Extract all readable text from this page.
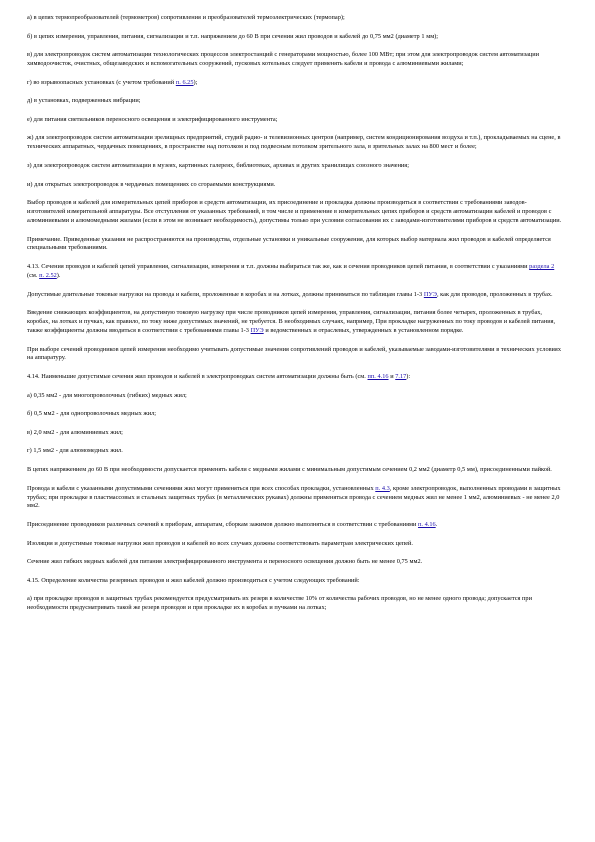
а) в цепях термопреобразователей (термометров) сопротивления и преобразователей термоэлектрических (термопар);

б) в цепях измерения, управления, питания, сигнализации и т.п. напряжением до 60 В при сечении жил проводов и кабелей до 0,75 мм2 (диаметр 1 мм);

в) для электропроводок систем автоматизации технологических процессов электростанций с генераторами мощностью, более 100 МВт; при этом для электропроводок систем автоматизации химводоочисток, очистных, общезаводских и вспомогательных сооружений, пусковых котельных следует применять кабели и провода с алюминиевыми жилами;

г) во взрывоопасных установках (с учетом требований п. 6.25);

д) в установках, подверженных вибрации;

е) для питания светильников переносного освещения и электрифицированного инструмента;

ж) для электропроводок систем автоматизации зрелищных предприятий, студий радио- и телевизионных центров (например, систем кондиционирования воздуха и т.п.), прокладываемых на сцене, в технических аппаратных, чердачных помещениях, в пространстве над потолком и под подвесным потолком зрительного зала, в зрительных залах на 800 мест и более;

з) для электропроводок систем автоматизации в музеях, картинных галереях, библиотеках, архивах и других хранилищах союзного значения;

и) для открытых электропроводок в чердачных помещениях со сгораемыми конструкциями.

Выбор проводов и кабелей для измерительных цепей приборов и средств автоматизации, их присоединение и прокладка должны производиться в соответствии с требованиями заводов-изготовителей измерительной аппаратуры. Все отступления от указанных требований, в том числе и применение в измерительных цепях приборов и средств автоматизации кабелей и проводов с алюминиевыми и алюмомедными жилами (если в этом не возникает необходимость), допустимы только при условии согласования их с заводами-изготовителями приборов и средств автоматизации.

Примечание. Приведенные указания не распространяются на производства, отдельные установки и уникальные сооружения, для которых выбор материала жил проводов и кабелей определяется специальными требованиями.

4.13. Сечения проводов и кабелей цепей управления, сигнализации, измерения и т.п. должны выбираться так же, как и сечения проводников цепей питания, в соответствии с указаниями раздела 2 (см. п. 2.52).

Допустимые длительные токовые нагрузки на провода и кабели, проложенные в коробах и на лотках, должны приниматься по таблицам главы 1-3 ПУЭ, как для проводов, проложенных в трубах.

Введение снижающих коэффициентов, на допустимую токовую нагрузку при числе проводников цепей измерения, управления, сигнализации, питания более четырех, проложенных в трубах, коробах, на лотках и пучках, как правило, по току ниже допустимых значений, не требуется. В необходимых случаях, например, При прокладке нагруженных по току проводов и кабелей питания, также коэффициенты должны вводиться в соответствии с требованиями главы 1-3 ПУЭ и ведомственных и отраслевых, утвержденных в установленном порядке.

При выборе сечений проводников цепей измерения необходимо учитывать допустимые значения сопротивлений проводов и кабелей, указываемые заводами-изготовителями в технических условиях на аппаратуру.

4.14. Наименьшие допустимые сечения жил проводов и кабелей в электропроводках систем автоматизации должны быть (см. пп. 4.16 и 7.17):

а) 0,35 мм2 - для многопроволочных (гибких) медных жил;

б) 0,5 мм2 - для однопроволочных медных жил;

в) 2,0 мм2 - для алюминиевых жил;

г) 1,5 мм2 - для алюмомедных жил.

В цепях напряжением до 60 В при необходимости допускается применять кабели с медными жилами с минимальным допустимым сечением 0,2 мм2 (диаметр 0,5 мм), присоединенными пайкой.

Провода и кабели с указанными допустимыми сечениями жил могут применяться при всех способах прокладки, установленных п. 4.3, кроме электропроводок, выполненных проводами в защитных трубах; при прокладке в пластмассовых и стальных защитных трубах (в металлических рукавах) должны применяться провода с сечением медных жил не менее 1 мм2, алюминиевых - не менее 2,0 мм2.

Присоединение проводников различных сечений к приборам, аппаратам, сборкам зажимов должно выполняться в соответствии с требованиями п. 4.16.

Изоляция и допустимые токовые нагрузки жил проводов и кабелей во всех случаях должны соответствовать параметрам электрических цепей.

Сечение жил гибких медных кабелей для питания электрифицированного инструмента и переносного освещения должно быть не менее 0,75 мм2.

4.15. Определение количества резервных проводов и жил кабелей должно производиться с учетом следующих требований:

а) при прокладке проводов в защитных трубах рекомендуется предусматривать их резерв в количестве 10% от количества рабочих проводов, но не менее одного провода; допускается при необходимости предусматривать такой же резерв проводов и при прокладке их в коробах и пучками на лотках;
